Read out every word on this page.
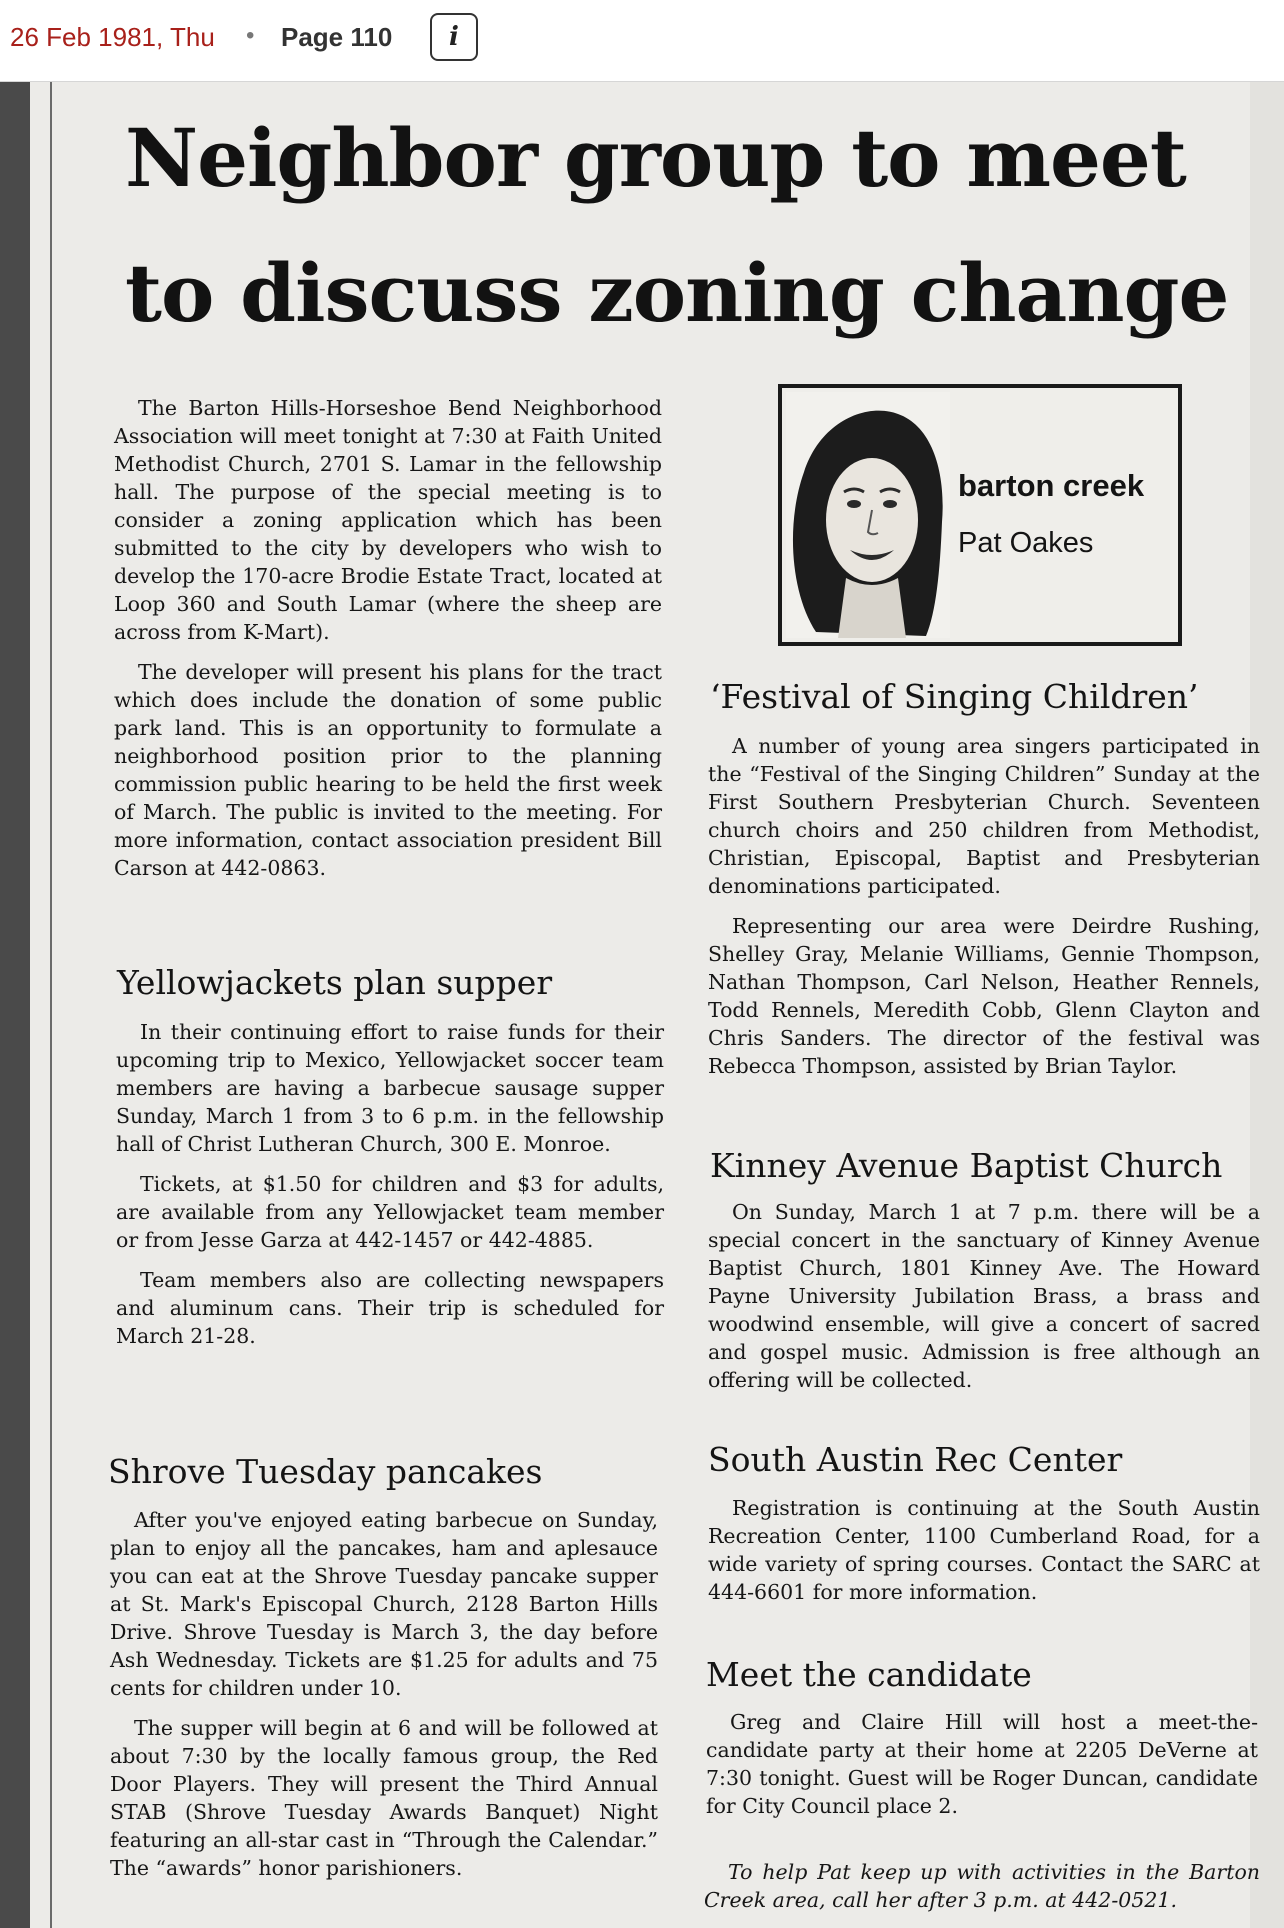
26 Feb 1981, Thu • Page 110	i
Neighbor group to meet
to discuss zoning change

The Barton Hills-Horseshoe Bend Neighborhood Association will meet tonight at 7:30 at Faith United Methodist Church, 2701 S. Lamar in the fellowship hall. The purpose of the special meeting is to consider a zoning application which has been submitted to the city by developers who wish to develop the 170-acre Brodie Estate Tract, located at Loop 360 and South Lamar (where the sheep are across from K-Mart).

The developer will present his plans for the tract which does include the donation of some public park land. This is an opportunity to formulate a neighborhood position prior to the planning commission public hearing to be held the first week of March. The public is invited to the meeting. For more information, contact association president Bill Carson at 442-0863.

Yellowjackets plan supper

In their continuing effort to raise funds for their upcoming trip to Mexico, Yellowjacket soccer team members are having a barbecue sausage supper Sunday, March 1 from 3 to 6 p.m. in the fellowship hall of Christ Lutheran Church, 300 E. Monroe.

Tickets, at $1.50 for children and $3 for adults, are available from any Yellowjacket team member or from Jesse Garza at 442-1457 or 442-4885.

Team members also are collecting newspapers and aluminum cans. Their trip is scheduled for March 21-28.

Shrove Tuesday pancakes

After you've enjoyed eating barbecue on Sunday, plan to enjoy all the pancakes, ham and aplesauce you can eat at the Shrove Tuesday pancake supper at St. Mark's Episcopal Church, 2128 Barton Hills Drive. Shrove Tuesday is March 3, the day before Ash Wednesday. Tickets are $1.25 for adults and 75 cents for children under 10.

The supper will begin at 6 and will be followed at about 7:30 by the locally famous group, the Red Door Players. They will present the Third Annual STAB (Shrove Tuesday Awards Banquet) Night featuring an all-star cast in “Through the Calendar.” The “awards” honor parishioners.

barton creek
Pat Oakes
‘Festival of Singing Children’

A number of young area singers participated in the “Festival of the Singing Children” Sunday at the First Southern Presbyterian Church. Seventeen church choirs and 250 children from Methodist, Christian, Episcopal, Baptist and Presbyterian denominations participated.

Representing our area were Deirdre Rushing, Shelley Gray, Melanie Williams, Gennie Thompson, Nathan Thompson, Carl Nelson, Heather Rennels, Todd Rennels, Meredith Cobb, Glenn Clayton and Chris Sanders. The director of the festival was Rebecca Thompson, assisted by Brian Taylor.

Kinney Avenue Baptist Church

On Sunday, March 1 at 7 p.m. there will be a special concert in the sanctuary of Kinney Avenue Baptist Church, 1801 Kinney Ave. The Howard Payne University Jubilation Brass, a brass and woodwind ensemble, will give a concert of sacred and gospel music. Admission is free although an offering will be collected.

South Austin Rec Center

Registration is continuing at the South Austin Recreation Center, 1100 Cumberland Road, for a wide variety of spring courses. Contact the SARC at 444-6601 for more information.

Meet the candidate

Greg and Claire Hill will host a meet-the-candidate party at their home at 2205 DeVerne at 7:30 tonight. Guest will be Roger Duncan, candidate for City Council place 2.

To help Pat keep up with activities in the Barton Creek area, call her after 3 p.m. at 442-0521.
